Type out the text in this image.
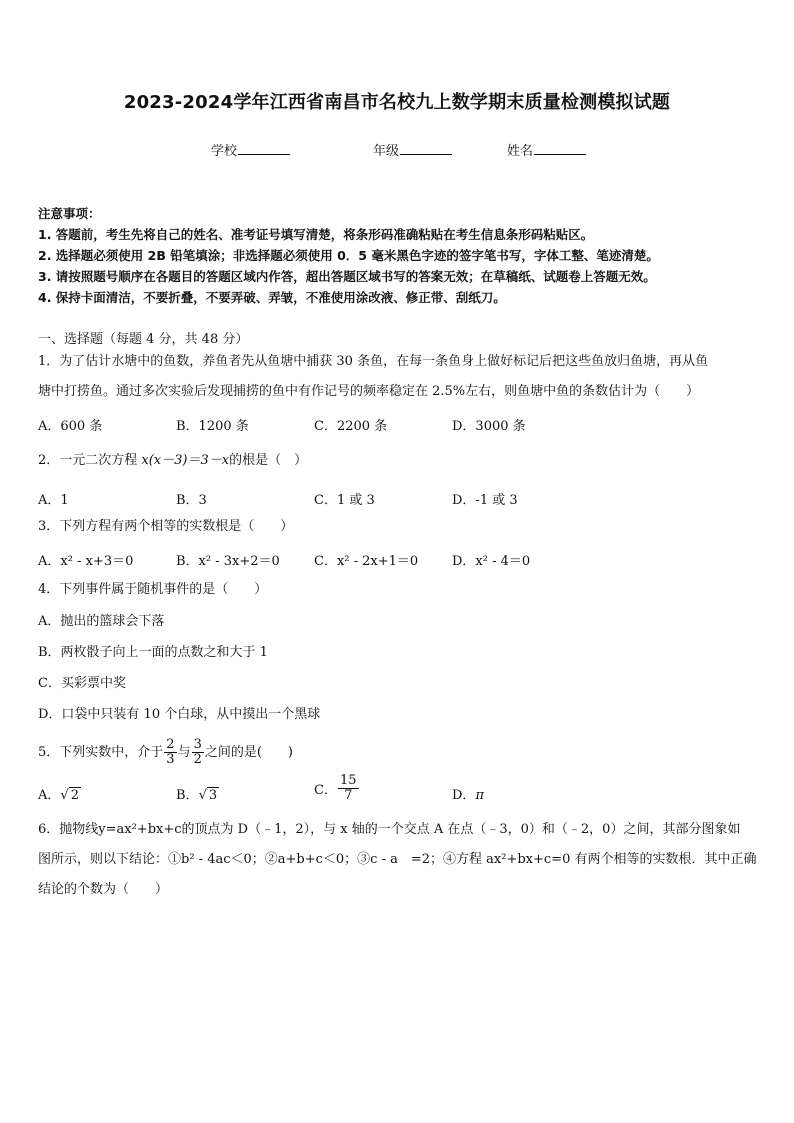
2023-2024学年江西省南昌市名校九上数学期末质量检测模拟试题
学校	年级	姓名
注意事项：
1. 答题前，考生先将自己的姓名、准考证号填写清楚，将条形码准确粘贴在考生信息条形码粘贴区。
2. 选择题必须使用 2B 铅笔填涂；非选择题必须使用 0．5 毫米黑色字迹的签字笔书写，字体工整、笔迹清楚。
3. 请按照题号顺序在各题目的答题区域内作答，超出答题区域书写的答案无效；在草稿纸、试题卷上答题无效。
4. 保持卡面清洁，不要折叠，不要弄破、弄皱，不准使用涂改液、修正带、刮纸刀。
一、选择题（每题 4 分，共 48 分）
1．为了估计水塘中的鱼数，养鱼者先从鱼塘中捕获 30 条鱼，在每一条鱼身上做好标记后把这些鱼放归鱼塘，再从鱼
塘中打捞鱼。通过多次实验后发现捕捞的鱼中有作记号的频率稳定在 2.5%左右，则鱼塘中鱼的条数估计为（　　）
A．600 条	B．1200 条	C．2200 条	D．3000 条
2．一元二次方程 x(x－3)＝3－x的根是（　）
A．1	B．3	C．1 或 3	D．-1 或 3
3．下列方程有两个相等的实数根是（　　）
A．x² - x+3＝0	B．x² - 3x+2＝0	C．x² - 2x+1＝0	D．x² - 4＝0
4．下列事件属于随机事件的是（　　）
A．抛出的篮球会下落
B．两枚骰子向上一面的点数之和大于 1
C．买彩票中奖
D．口袋中只装有 10 个白球，从中摸出一个黑球
5．下列实数中，介于 $\frac{2}{3}$ 与 $\frac{3}{2}$ 之间的是(　　)
A．√ 2	B．√ 3	C． $\frac{15}{7}$	D．π
6．抛物线y=ax²+bx+c的顶点为 D（﹣1，2），与 x 轴的一个交点 A 在点（﹣3，0）和（﹣2，0）之间，其部分图象如
图所示，则以下结论：①b² - 4ac＜0；②a+b+c＜0；③c - a　=2；④方程 ax²+bx+c=0 有两个相等的实数根．其中正确
结论的个数为（　　）
